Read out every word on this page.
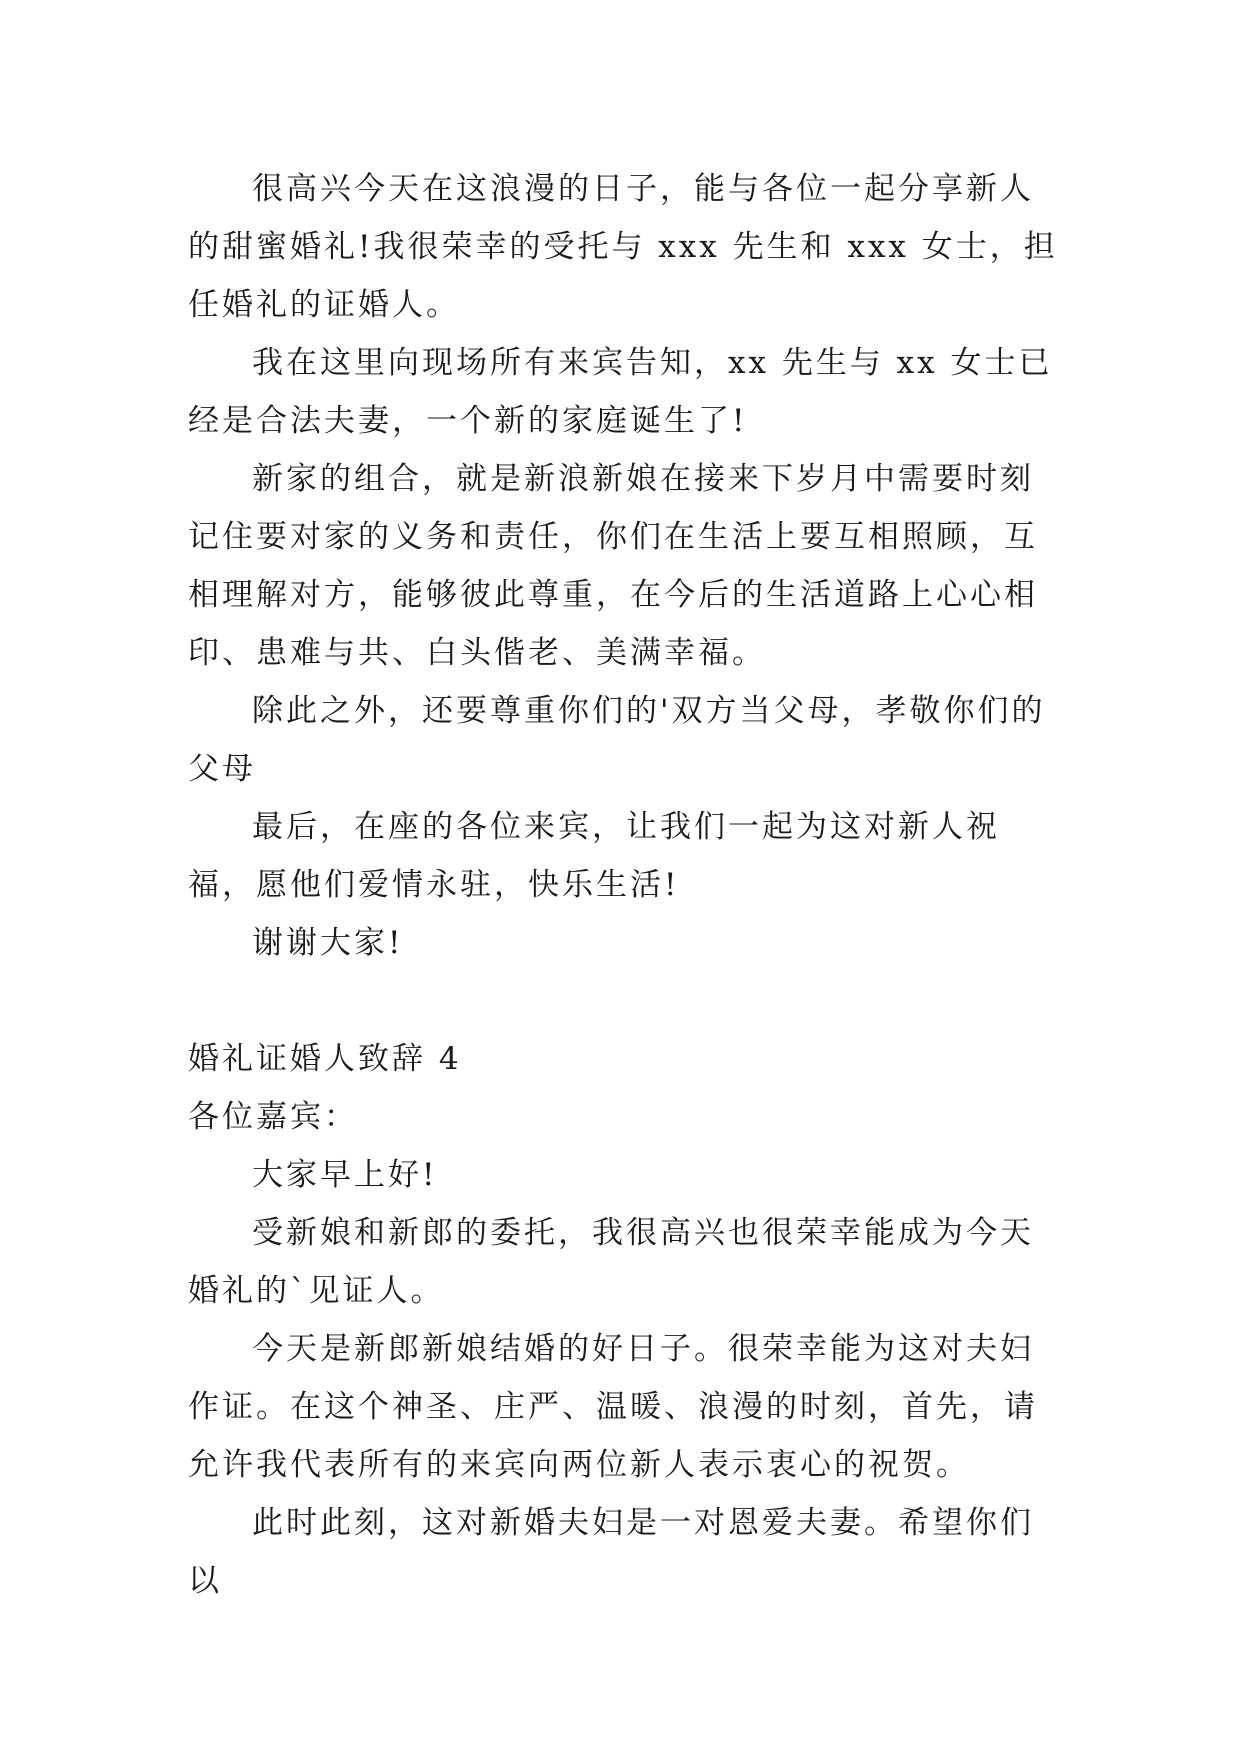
很高兴今天在这浪漫的日子，能与各位一起分享新人的甜蜜婚礼!我很荣幸的受托与 xxx 先生和 xxx 女士，担任婚礼的证婚人。

我在这里向现场所有来宾告知，xx 先生与 xx 女士已经是合法夫妻，一个新的家庭诞生了!

新家的组合，就是新浪新娘在接来下岁月中需要时刻记住要对家的义务和责任，你们在生活上要互相照顾，互相理解对方，能够彼此尊重，在今后的生活道路上心心相印、患难与共、白头偕老、美满幸福。

除此之外，还要尊重你们的'双方当父母，孝敬你们的父母

最后，在座的各位来宾，让我们一起为这对新人祝福，愿他们爱情永驻，快乐生活!

谢谢大家!

婚礼证婚人致辞 4

各位嘉宾：

大家早上好!

受新娘和新郎的委托，我很高兴也很荣幸能成为今天婚礼的`见证人。

今天是新郎新娘结婚的好日子。很荣幸能为这对夫妇作证。在这个神圣、庄严、温暖、浪漫的时刻，首先，请允许我代表所有的来宾向两位新人表示衷心的祝贺。

此时此刻，这对新婚夫妇是一对恩爱夫妻。希望你们以
